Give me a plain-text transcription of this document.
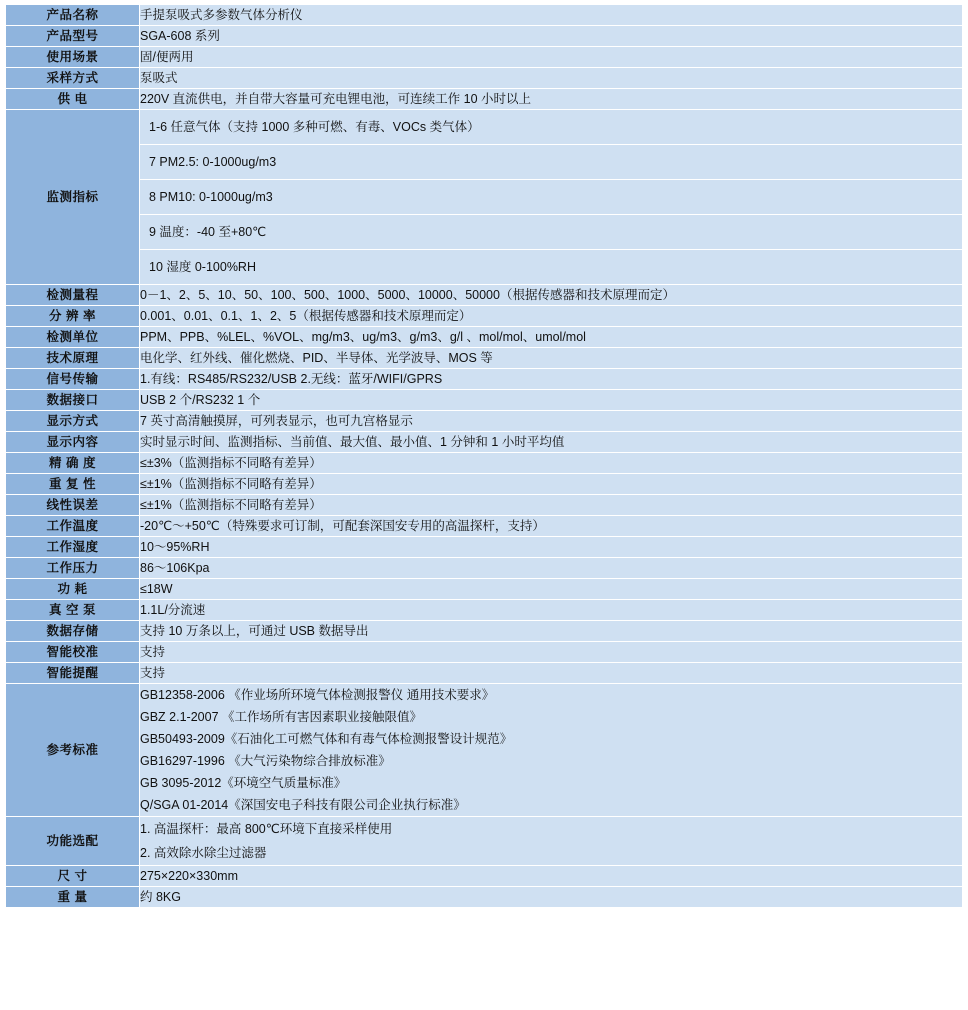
产品名称	手提泵吸式多参数气体分析仪
产品型号	SGA-608 系列
使用场景	固/便两用
采样方式	泵吸式
供 电	220V 直流供电，并自带大容量可充电锂电池，可连续工作 10 小时以上
监测指标	1-6 任意气体（支持 1000 多种可燃、有毒、VOCs 类气体）
7 PM2.5: 0-1000ug/m3
8 PM10: 0-1000ug/m3
9 温度：-40 至+80℃
10 湿度 0-100%RH

检测量程	0－1、2、5、10、50、100、500、1000、5000、10000、50000（根据传感器和技术原理而定）
分 辨 率	0.001、0.01、0.1、1、2、5（根据传感器和技术原理而定）
检测单位	PPM、PPB、%LEL、%VOL、mg/m3、ug/m3、g/m3、g/l 、mol/mol、umol/mol
技术原理	电化学、红外线、催化燃烧、PID、半导体、光学波导、MOS 等
信号传输	1.有线：RS485/RS232/USB 2.无线：蓝牙/WIFI/GPRS
数据接口	USB 2 个/RS232 1 个
显示方式	7 英寸高清触摸屏，可列表显示，也可九宫格显示
显示内容	实时显示时间、监测指标、当前值、最大值、最小值、1 分钟和 1 小时平均值
精 确 度	≤±3%（监测指标不同略有差异）
重 复 性	≤±1%（监测指标不同略有差异）
线性误差	≤±1%（监测指标不同略有差异）
工作温度	-20℃～+50℃（特殊要求可订制，可配套深国安专用的高温探杆，支持）
工作湿度	10～95%RH
工作压力	86～106Kpa
功 耗	≤18W
真 空 泵	1.1L/分流速
数据存储	支持 10 万条以上，可通过 USB 数据导出
智能校准	支持
智能提醒	支持
参考标准	
GB12358-2006 《作业场所环境气体检测报警仪 通用技术要求》
GBZ 2.1-2007 《工作场所有害因素职业接触限值》
GB50493-2009《石油化工可燃气体和有毒气体检测报警设计规范》
GB16297-1996 《大气污染物综合排放标准》
GB 3095-2012《环境空气质量标准》
Q/SGA 01-2014《深国安电子科技有限公司企业执行标准》

功能选配	1. 高温探杆：最高 800℃环境下直接采样使用
2. 高效除水除尘过滤器

尺 寸	275×220×330mm
重 量	约 8KG
